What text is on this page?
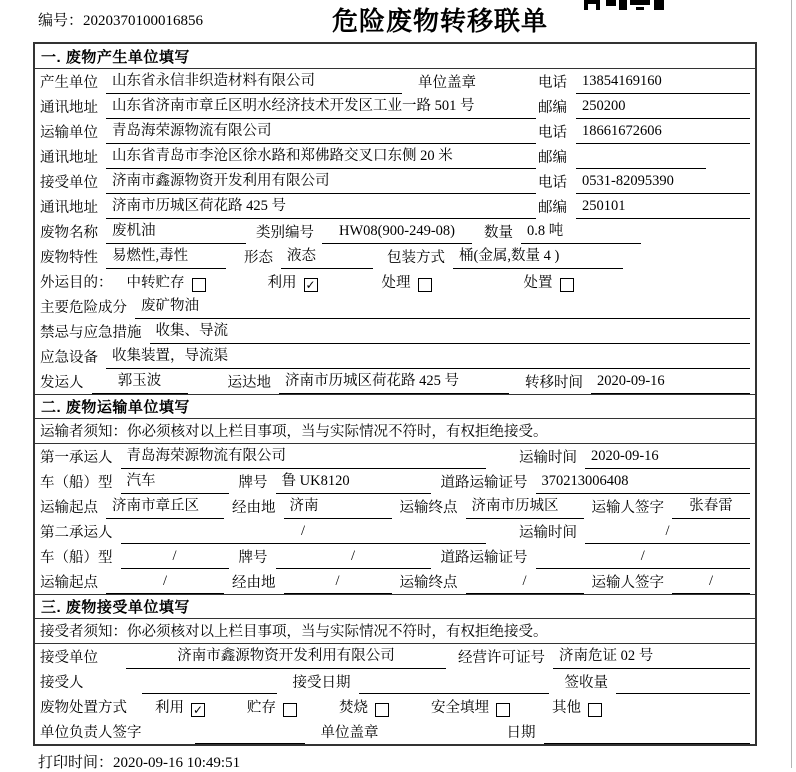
编号：2020370100016856	危险废物转移联单
一. 废物产生单位填写
产生单位 山东省永信非织造材料有限公司	单位盖章	电话	13854169160
通讯地址 山东省济南市章丘区明水经济技术开发区工业一路 501 号	邮编	250200
运输单位 青岛海荣源物流有限公司	电话	18661672606
通讯地址 山东省青岛市李沧区徐水路和郑佛路交叉口东侧 20 米	邮编
接受单位 济南市鑫源物资开发利用有限公司	电话	0531-82095390
通讯地址 济南市历城区荷花路 425 号	邮编	250101
废物名称 废机油	类别编号	HW08(900-249-08)	数量 0.8 吨
废物特性 易燃性,毒性	形态 液态	包装方式 桶(金属,数量 4 )
外运目的： 中转贮存	利用 ✓	处理	处置
主要危险成分 废矿物油
禁忌与应急措施 收集、导流
应急设备 收集装置，导流渠
发运人	郭玉波	运达地 济南市历城区荷花路 425 号	转移时间 2020-09-16
二. 废物运输单位填写
运输者须知：你必须核对以上栏目事项，当与实际情况不符时，有权拒绝接受。
第一承运人 青岛海荣源物流有限公司	运输时间 2020-09-16
车（船）型 汽车	牌号 鲁 UK8120	道路运输证号 370213006408
运输起点 济南市章丘区	经由地 济南	运输终点 济南市历城区	运输人签字	张春雷
第二承运人	/	运输时间	/
车（船）型	/	牌号	/	道路运输证号	/
运输起点	/	经由地	/	运输终点	/	运输人签字	/
三. 废物接受单位填写
接受者须知：你必须核对以上栏目事项，当与实际情况不符时，有权拒绝接受。
接受单位	济南市鑫源物资开发利用有限公司	经营许可证号 济南危证 02 号
接受人	接受日期	签收量
废物处置方式 利用 ✓	贮存	焚烧	安全填埋	其他
单位负责人签字	单位盖章	日期
打印时间：2020-09-16 10:49:51
